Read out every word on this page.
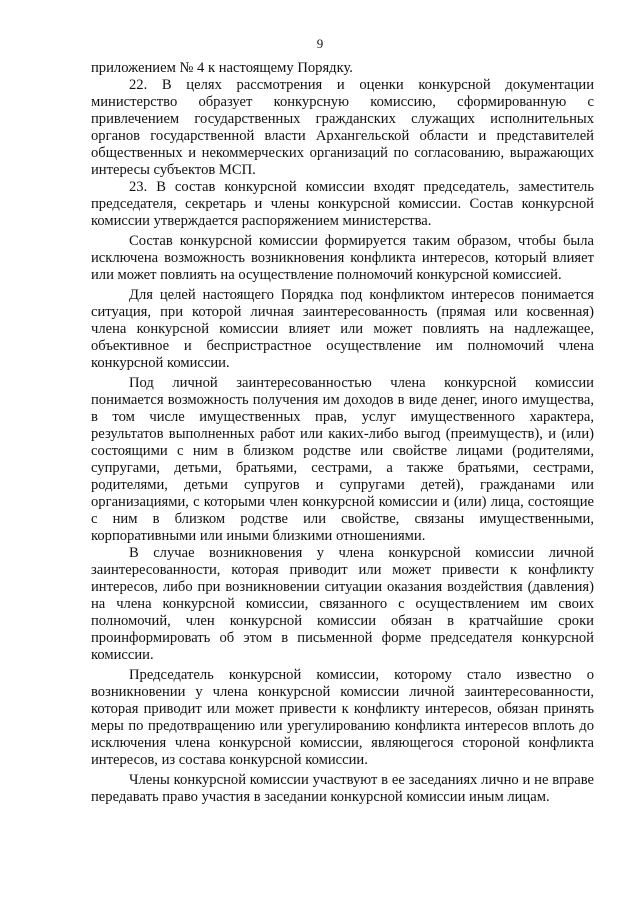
9

приложением № 4 к настоящему Порядку.

22. В целях рассмотрения и оценки конкурсной документации министерство образует конкурсную комиссию, сформированную с привлечением государственных гражданских служащих исполнительных органов государственной власти Архангельской области и представителей общественных и некоммерческих организаций по согласованию, выражающих интересы субъектов МСП.

23. В состав конкурсной комиссии входят председатель, заместитель председателя, секретарь и члены конкурсной комиссии. Состав конкурсной комиссии утверждается распоряжением министерства.

Состав конкурсной комиссии формируется таким образом, чтобы была исключена возможность возникновения конфликта интересов, который влияет или может повлиять на осуществление полномочий конкурсной комиссией.

Для целей настоящего Порядка под конфликтом интересов понимается ситуация, при которой личная заинтересованность (прямая или косвенная) члена конкурсной комиссии влияет или может повлиять на надлежащее, объективное и беспристрастное осуществление им полномочий члена конкурсной комиссии.

Под личной заинтересованностью члена конкурсной комиссии понимается возможность получения им доходов в виде денег, иного имущества, в том числе имущественных прав, услуг имущественного характера, результатов выполненных работ или каких-либо выгод (преимуществ), и (или) состоящими с ним в близком родстве или свойстве лицами (родителями, супругами, детьми, братьями, сестрами, а также братьями, сестрами, родителями, детьми супругов и супругами детей), гражданами или организациями, с которыми член конкурсной комиссии и (или) лица, состоящие с ним в близком родстве или свойстве, связаны имущественными, корпоративными или иными близкими отношениями.

В случае возникновения у члена конкурсной комиссии личной заинтересованности, которая приводит или может привести к конфликту интересов, либо при возникновении ситуации оказания воздействия (давления) на члена конкурсной комиссии, связанного с осуществлением им своих полномочий, член конкурсной комиссии обязан в кратчайшие сроки проинформировать об этом в письменной форме председателя конкурсной комиссии.

Председатель конкурсной комиссии, которому стало известно о возникновении у члена конкурсной комиссии личной заинтересованности, которая приводит или может привести к конфликту интересов, обязан принять меры по предотвращению или урегулированию конфликта интересов вплоть до исключения члена конкурсной комиссии, являющегося стороной конфликта интересов, из состава конкурсной комиссии.

Члены конкурсной комиссии участвуют в ее заседаниях лично и не вправе передавать право участия в заседании конкурсной комиссии иным лицам.
